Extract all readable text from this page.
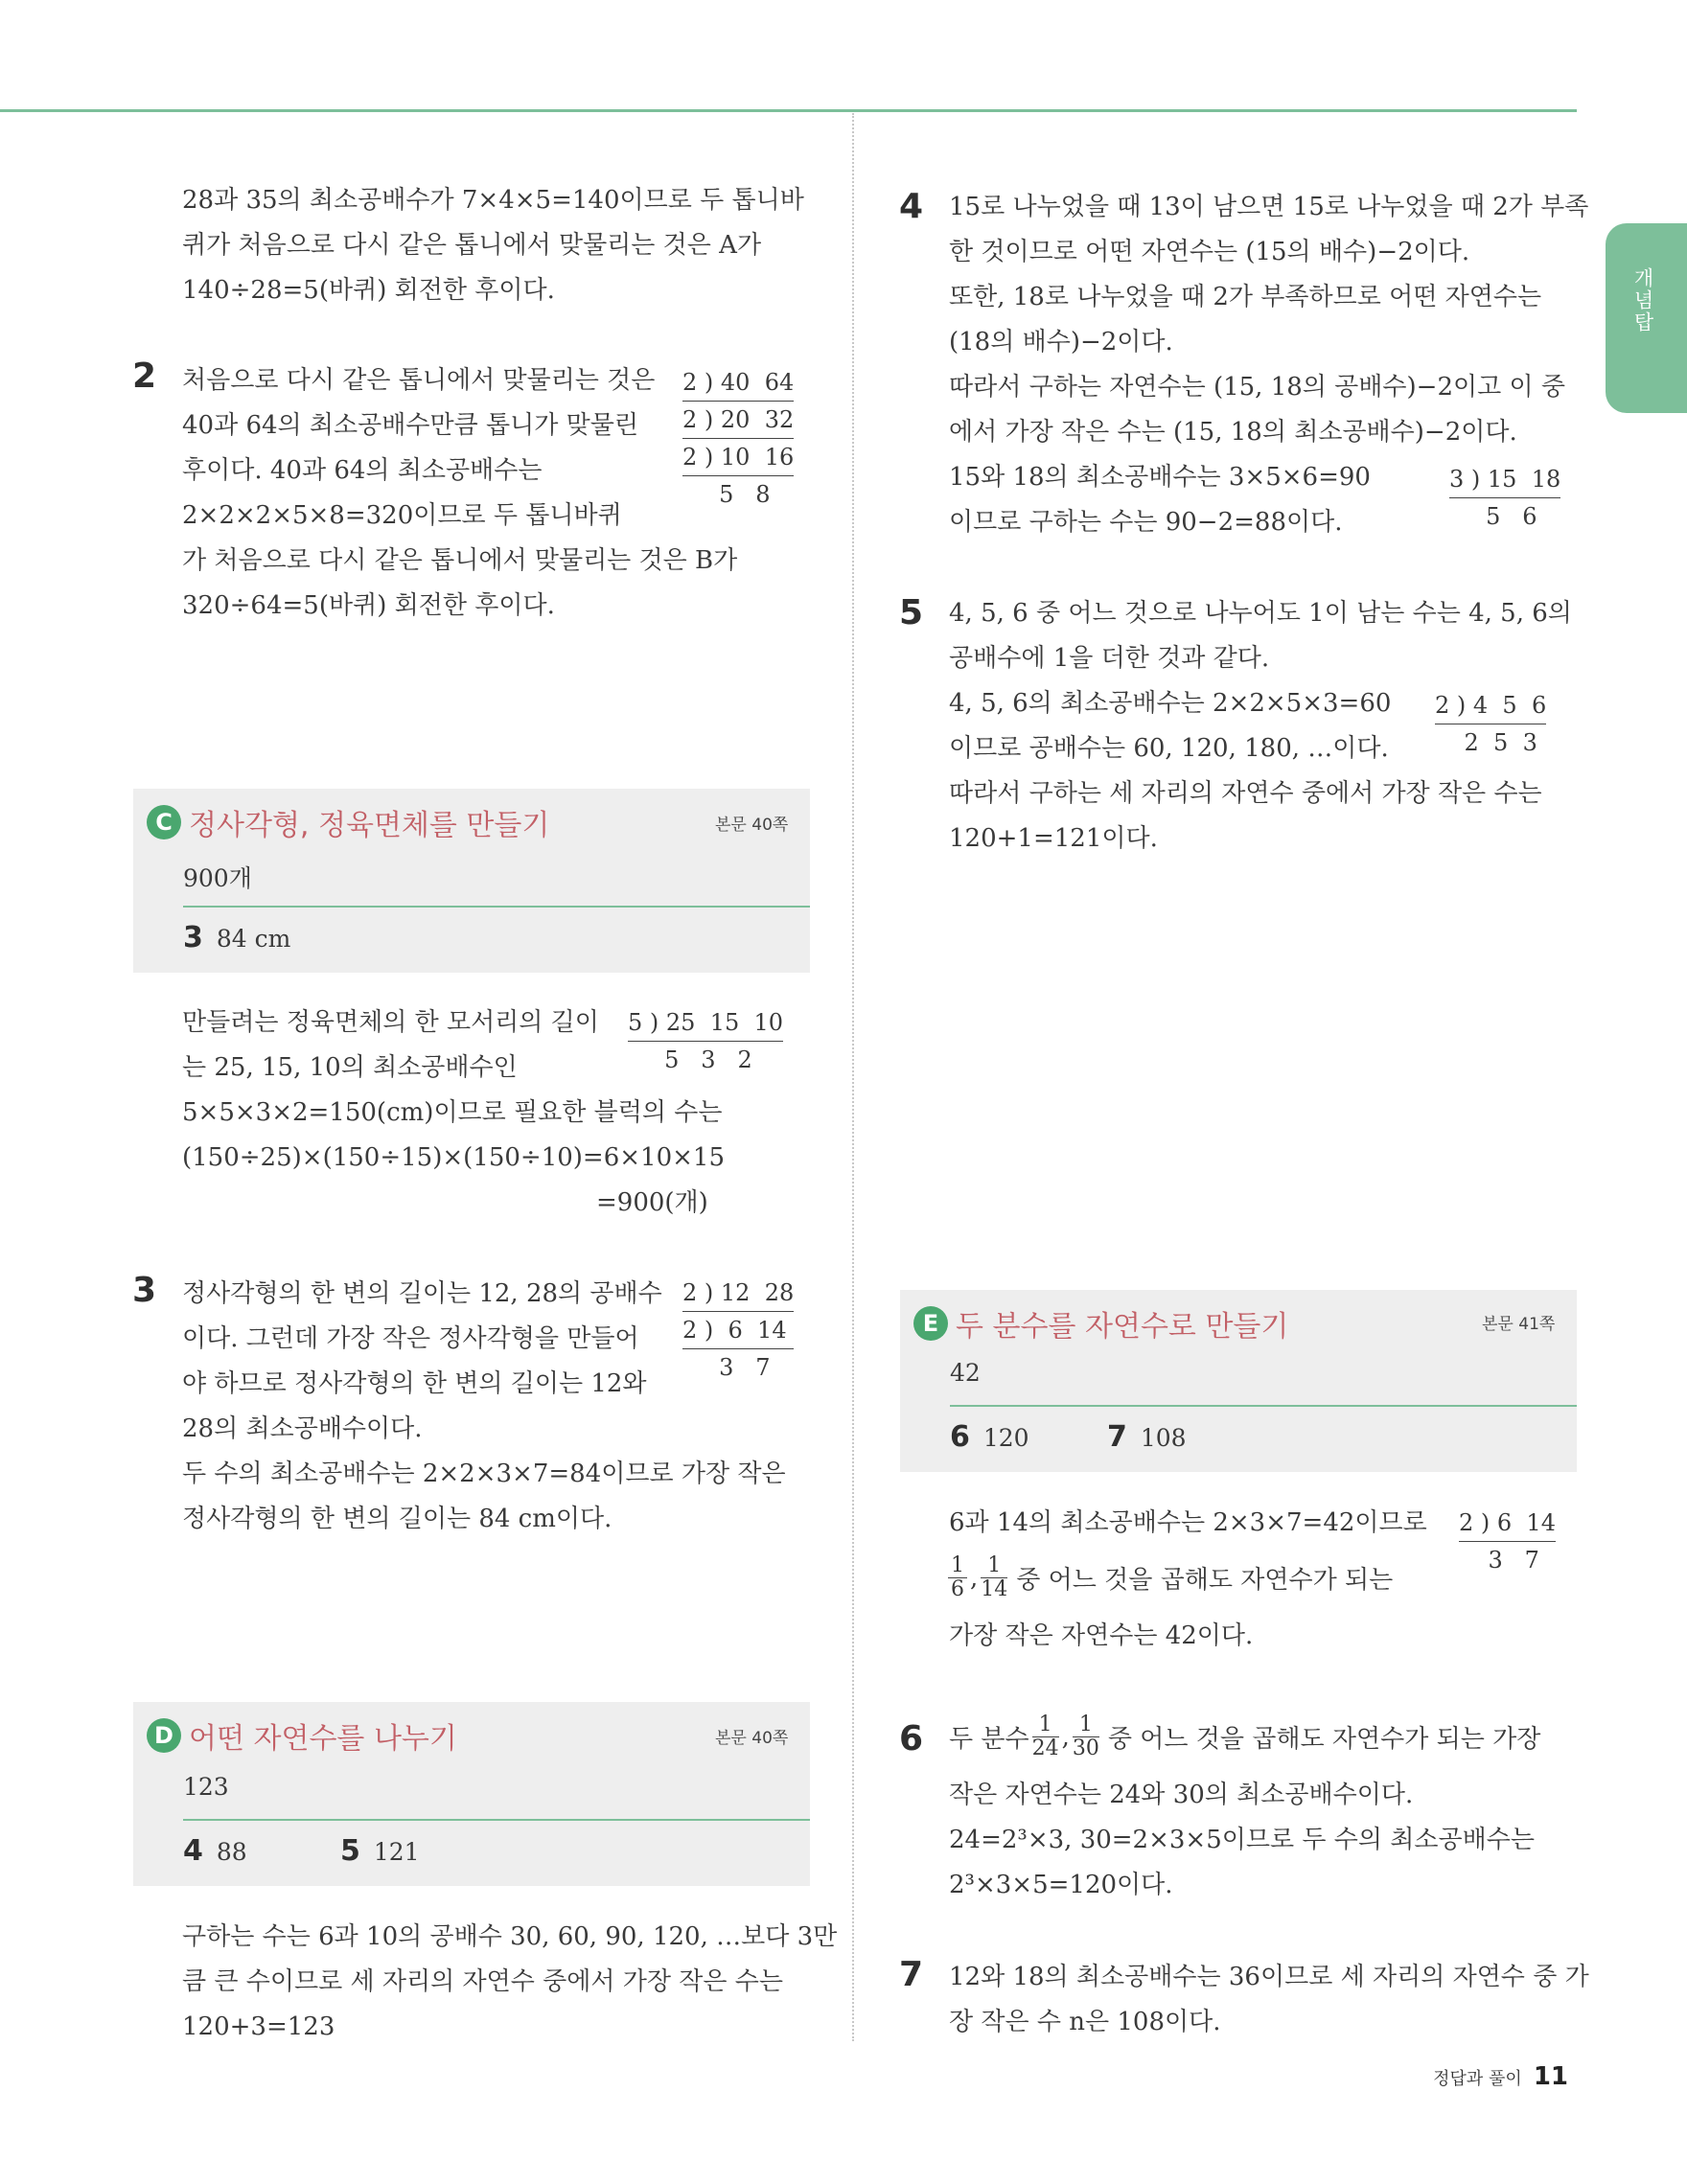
개념탑
28과 35의 최소공배수가 7×4×5=140이므로 두 톱니바
퀴가 처음으로 다시 같은 톱니에서 맞물리는 것은 A가
140÷28=5(바퀴) 회전한 후이다.
2 처음으로 다시 같은 톱니에서 맞물리는 것은
40과 64의 최소공배수만큼 톱니가 맞물린
후이다. 40과 64의 최소공배수는
2×2×2×5×8=320이므로 두 톱니바퀴
가 처음으로 다시 같은 톱니에서 맞물리는 것은 B가
320÷64=5(바퀴) 회전한 후이다.
2 ) 40  64
2 ) 20  32
2 ) 10  16
5   8
C 정사각형, 정육면체를 만들기	본문 40쪽
900개
3 84 cm
만들려는 정육면체의 한 모서리의 길이
는 25, 15, 10의 최소공배수인
5×5×3×2=150(cm)이므로 필요한 블럭의 수는
(150÷25)×(150÷15)×(150÷10)=6×10×15
=900(개)
5 ) 25  15  10
5   3   2
3 정사각형의 한 변의 길이는 12, 28의 공배수
이다. 그런데 가장 작은 정사각형을 만들어
야 하므로 정사각형의 한 변의 길이는 12와
28의 최소공배수이다.
두 수의 최소공배수는 2×2×3×7=84이므로 가장 작은
정사각형의 한 변의 길이는 84 cm이다.
2 ) 12  28
2 )  6  14
3   7
D 어떤 자연수를 나누기	본문 40쪽
123
4 88	5 121
구하는 수는 6과 10의 공배수 30, 60, 90, 120, …보다 3만
큼 큰 수이므로 세 자리의 자연수 중에서 가장 작은 수는
120+3=123
4 15로 나누었을 때 13이 남으면 15로 나누었을 때 2가 부족
한 것이므로 어떤 자연수는 (15의 배수)−2이다.
또한, 18로 나누었을 때 2가 부족하므로 어떤 자연수는
(18의 배수)−2이다.
따라서 구하는 자연수는 (15, 18의 공배수)−2이고 이 중
에서 가장 작은 수는 (15, 18의 최소공배수)−2이다.
15와 18의 최소공배수는 3×5×6=90
이므로 구하는 수는 90−2=88이다.
3 ) 15  18
5   6
5 4, 5, 6 중 어느 것으로 나누어도 1이 남는 수는 4, 5, 6의
공배수에 1을 더한 것과 같다.
4, 5, 6의 최소공배수는 2×2×5×3=60
이므로 공배수는 60, 120, 180, …이다.
따라서 구하는 세 자리의 자연수 중에서 가장 작은 수는
120+1=121이다.
2 ) 4  5  6
2  5  3
E 두 분수를 자연수로 만들기	본문 41쪽
42
6 120	7 108
6과 14의 최소공배수는 2×3×7=42이므로
$\frac{1}{6}$ , $\frac{1}{14}$ 중 어느 것을 곱해도 자연수가 되는
가장 작은 자연수는 42이다.
2 ) 6  14
3   7
6 두 분수 $\frac{1}{24}$ , $\frac{1}{30}$ 중 어느 것을 곱해도 자연수가 되는 가장
작은 자연수는 24와 30의 최소공배수이다.
24=2³×3, 30=2×3×5이므로 두 수의 최소공배수는
2³×3×5=120이다.
7 12와 18의 최소공배수는 36이므로 세 자리의 자연수 중 가
장 작은 수 n은 108이다.
정답과 풀이 11
